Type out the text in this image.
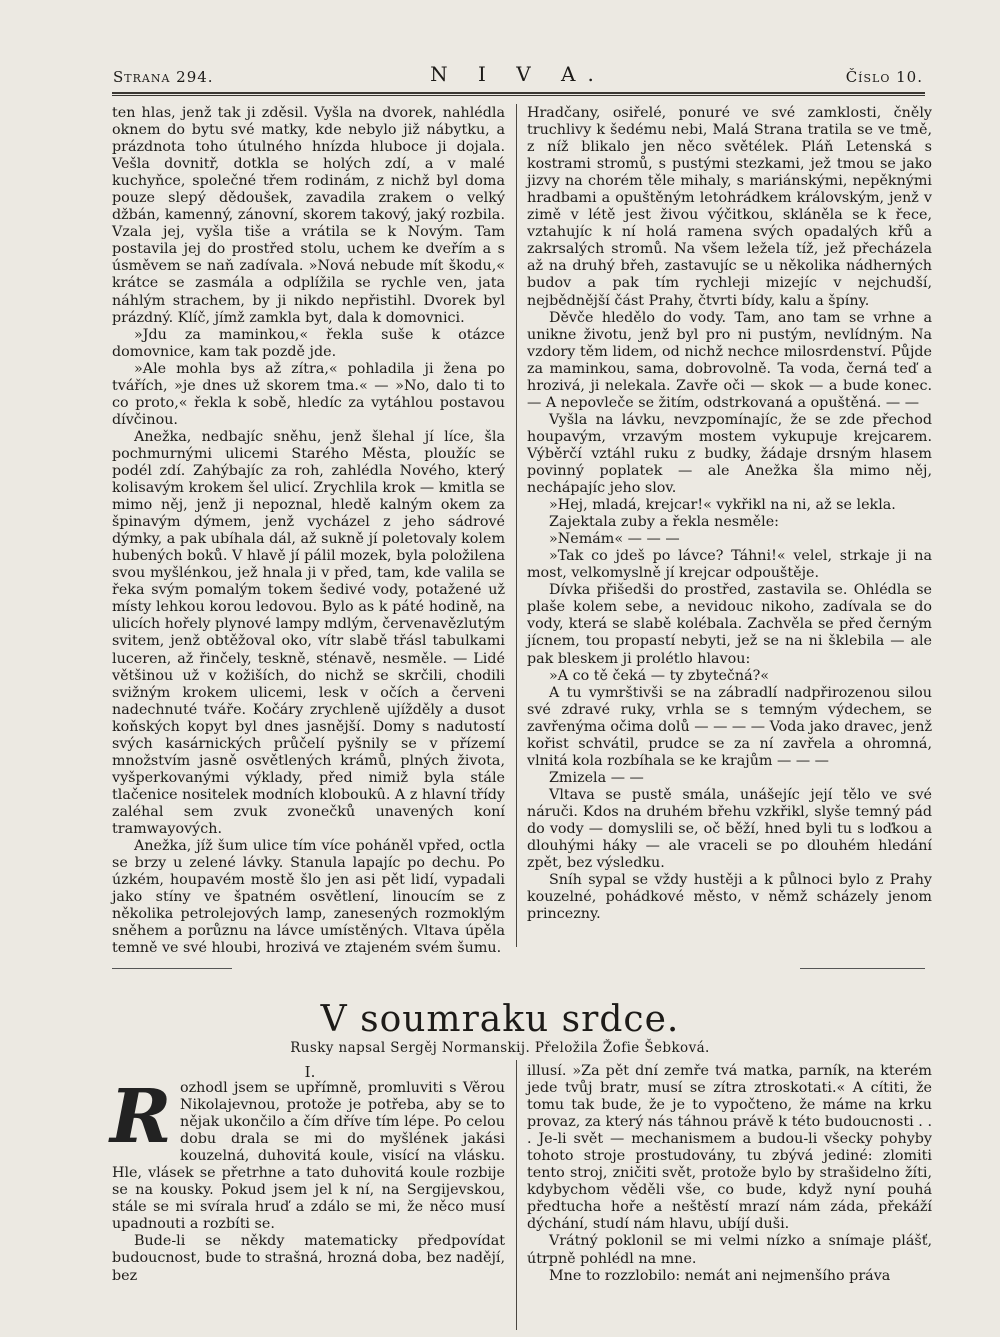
Strana 294.	N I V A.	Číslo 10.

ten hlas, jenž tak ji zděsil. Vyšla na dvorek, nahlédla oknem do bytu své matky, kde nebylo již nábytku, a prázdnota toho útulného hnízda hluboce ji dojala. Vešla dovnitř, dotkla se holých zdí, a v malé kuchyňce, společné třem rodinám, z nichž byl doma pouze slepý dědoušek, zavadila zrakem o velký džbán, kamenný, zánovní, skorem takový, jaký rozbila. Vzala jej, vyšla tiše a vrátila se k Novým. Tam postavila jej do prostřed stolu, uchem ke dveřím a s úsměvem se naň zadívala. »Nová nebude mít škodu,« krátce se zasmála a odplížila se rychle ven, jata náhlým strachem, by ji nikdo nepřistihl. Dvorek byl prázdný. Klíč, jímž zamkla byt, dala k domovnici.

»Jdu za maminkou,« řekla suše k otázce domovnice, kam tak pozdě jde.

»Ale mohla bys až zítra,« pohladila ji žena po tvářích, »je dnes už skorem tma.« — »No, dalo ti to co proto,« řekla k sobě, hledíc za vytáhlou postavou dívčinou.

Anežka, nedbajíc sněhu, jenž šlehal jí líce, šla pochmurnými ulicemi Starého Města, ploužíc se podél zdí. Zahýbajíc za roh, zahlédla Nového, který kolisavým krokem šel ulicí. Zrychlila krok — kmitla se mimo něj, jenž ji nepoznal, hledě kalným okem za špinavým dýmem, jenž vycházel z jeho sádrové dýmky, a pak ubíhala dál, až sukně jí poletovaly kolem hubených boků. V hlavě jí pálil mozek, byla položilena svou myšlénkou, jež hnala ji v před, tam, kde valila se řeka svým pomalým tokem šedivé vody, potažené už místy lehkou korou ledovou. Bylo as k páté hodině, na ulicích hořely plynové lampy mdlým, červenavězlutým svitem, jenž obtěžoval oko, vítr slabě třásl tabulkami luceren, až řinčely, teskně, sténavě, nesměle. — Lidé většinou už v kožiších, do nichž se skrčili, chodili svižným krokem ulicemi, lesk v očích a červeni nadechnuté tváře. Kočáry zrychleně ujížděly a dusot koňských kopyt byl dnes jasnější. Domy s nadutostí svých kasárnických průčelí pyšnily se v přízemí množstvím jasně osvětlených krámů, plných života, vyšperkovanými výklady, před nimiž byla stále tlačenice nositelek modních kloboukû. A z hlavní třídy zaléhal sem zvuk zvonečků unavených koní tramwayových.

Anežka, jíž šum ulice tím více poháněl vpřed, octla se brzy u zelené lávky. Stanula lapajíc po dechu. Po úzkém, houpavém mostě šlo jen asi pět lidí, vypadali jako stíny ve špatném osvětlení, linoucím se z několika petrolejových lamp, zanesených rozmoklým sněhem a porůznu na lávce umístěných. Vltava úpěla temně ve své hloubi, hrozivá ve ztajeném svém šumu.

Hradčany, osiřelé, ponuré ve své zamklosti, čněly truchlivy k šedému nebi, Malá Strana tratila se ve tmě, z níž blikalo jen něco světélek. Pláň Letenská s kostrami stromů, s pustými stezkami, jež tmou se jako jizvy na chorém těle mihaly, s mariánskými, nepěknými hradbami a opuštěným letohrádkem královským, jenž v zimě v létě jest živou výčitkou, skláněla se k řece, vztahujíc k ní holá ramena svých opadalých křů a zakrsalých stromů. Na všem ležela tíž, jež přecházela až na druhý břeh, zastavujíc se u několika nádherných budov a pak tím rychleji mizejíc v nejchudší, nejbědnější část Prahy, čtvrti bídy, kalu a špíny.

Děvče hledělo do vody. Tam, ano tam se vrhne a unikne životu, jenž byl pro ni pustým, nevlídným. Na vzdory těm lidem, od nichž nechce milosrdenství. Půjde za maminkou, sama, dobrovolně. Ta voda, černá teď a hrozivá, ji nelekala. Zavře oči — skok — a bude konec. — A nepovleče se žitím, odstrkovaná a opuštěná. — —

Vyšla na lávku, nevzpomínajíc, že se zde přechod houpavým, vrzavým mostem vykupuje krejcarem. Výběrčí vztáhl ruku z budky, žádaje drsným hlasem povinný poplatek — ale Anežka šla mimo něj, nechápajíc jeho slov.

»Hej, mladá, krejcar!« vykřikl na ni, až se lekla.

Zajektala zuby a řekla nesměle:

»Nemám« — — —

»Tak co jdeš po lávce? Táhni!« velel, strkaje ji na most, velkomyslně jí krejcar odpouštěje.

Dívka přišedši do prostřed, zastavila se. Ohlédla se plaše kolem sebe, a nevidouc nikoho, zadívala se do vody, která se slabě kolébala. Zachvěla se před černým jícnem, tou propastí nebyti, jež se na ni šklebila — ale pak bleskem ji prolétlo hlavou:

»A co tě čeká — ty zbytečná?«

A tu vymrštivši se na zábradlí nadpřirozenou silou své zdravé ruky, vrhla se s temným výdechem, se zavřenýma očima dolů — — — — Voda jako dravec, jenž kořist schvátil, prudce se za ní zavřela a ohromná, vlnitá kola rozbíhala se ke krajům — — —

Zmizela — —

Vltava se pustě smála, unášejíc její tělo ve své náruči. Kdos na druhém břehu vzkřikl, slyše temný pád do vody — domyslili se, oč běží, hned byli tu s loďkou a dlouhými háky — ale vraceli se po dlouhém hledání zpět, bez výsledku.

Sníh sypal se vždy hustěji a k půlnoci bylo z Prahy kouzelné, pohádkové město, v němž scházely jenom princezny.

V soumraku srdce.
Rusky napsal Sergěj Normanskij. Přeložila Žofie Šebková.
I.

R ozhodl jsem se upřímně, promluviti s Věrou Nikolajevnou, protože je potřeba, aby se to nějak ukončilo a čím dříve tím lépe. Po celou dobu drala se mi do myšlének jakási kouzelná, duhovitá koule, visící na vlásku. Hle, vlásek se přetrhne a tato duhovitá koule rozbije se na kousky. Pokud jsem jel k ní, na Sergijevskou, stále se mi svírala hruď a zdálo se mi, že něco musí upadnouti a rozbíti se.

Bude-li se někdy matematicky předpovídat budoucnost, bude to strašná, hrozná doba, bez nadějí, bez

illusí. »Za pět dní zemře tvá matka, parník, na kterém jede tvůj bratr, musí se zítra ztroskotati.« A cítiti, že tomu tak bude, že je to vypočteno, že máme na krku provaz, za který nás táhnou právě k této budoucnosti . . . Je-li svět — mechanismem a budou-li všecky pohyby tohoto stroje prostudovány, tu zbývá jediné: zlomiti tento stroj, zničiti svět, protože bylo by strašidelno žíti, kdybychom věděli vše, co bude, když nyní pouhá předtucha hoře a neštěstí mrazí nám záda, překáží dýchání, studí nám hlavu, ubíjí duši.

Vrátný poklonil se mi velmi nízko a snímaje plášť, útrpně pohlédl na mne.

Mne to rozzlobilo: nemát ani nejmenšího práva
